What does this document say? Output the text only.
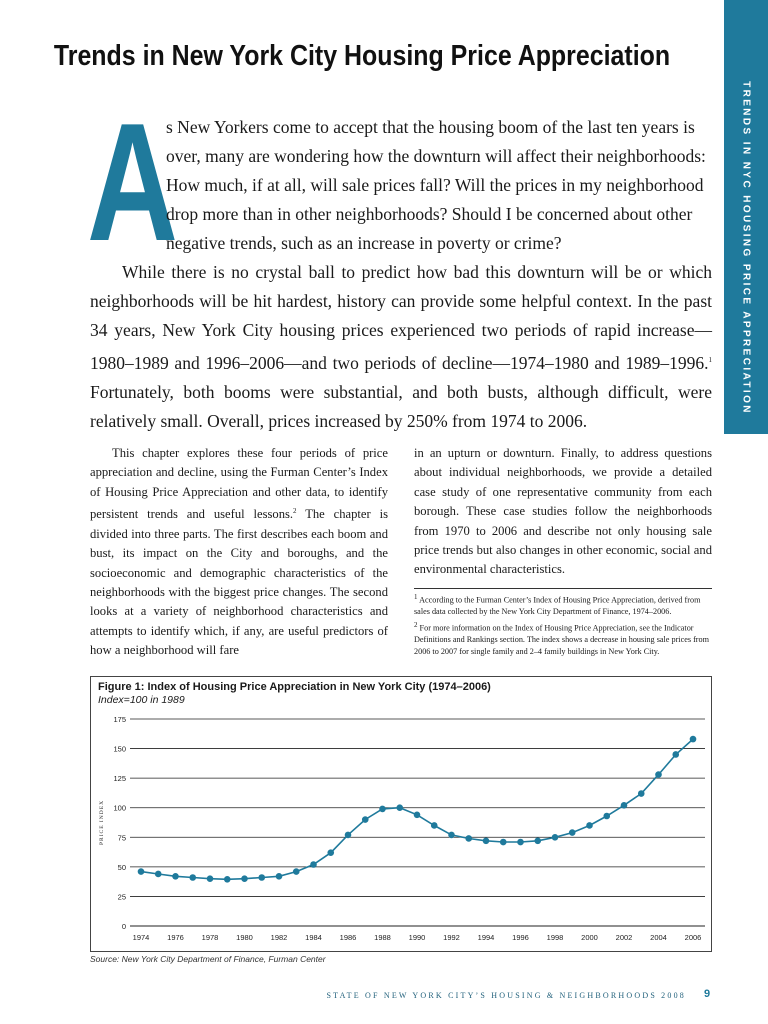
TRENDS IN NYC HOUSING PRICE APPRECIATION
Trends in New York City Housing Price Appreciation
A
s New Yorkers come to accept that the housing boom of the last ten years is
over, many are wondering how the downturn will affect their neighborhoods:
How much, if at all, will sale prices fall? Will the prices in my neighborhood
drop more than in other neighborhoods? Should I be concerned about other
negative trends, such as an increase in poverty or crime?

While there is no crystal ball to predict how bad this downturn will be or which neighborhoods will be hit hardest, history can provide some helpful context. In the past 34 years, New York City housing prices experienced two periods of rapid increase—1980–1989 and 1996–2006—and two periods of decline—1974–1980 and 1989–1996.$^1$ Fortunately, both booms were substantial, and both busts, although difficult, were relatively small. Overall, prices increased by 250% from 1974 to 2006.

This chapter explores these four periods of price appreciation and decline, using the Furman Center’s Index of Housing Price Appreciation and other data, to identify persistent trends and useful lessons.$^2$ The chapter is divided into three parts. The first describes each boom and bust, its impact on the City and boroughs, and the socioeconomic and demographic characteristics of the neighborhoods with the biggest price changes. The second looks at a variety of neighborhood characteristics and attempts to identify which, if any, are useful predictors of how a neighborhood will fare

in an upturn or downturn. Finally, to address questions about individual neighborhoods, we provide a detailed case study of one representative community from each borough. These case studies follow the neighborhoods from 1970 to 2006 and describe not only housing sale price trends but also changes in other economic, social and environmental characteristics.

$^1$ According to the Furman Center’s Index of Housing Price Appreciation, derived from sales data collected by the New York City Department of Finance, 1974–2006.

$^2$ For more information on the Index of Housing Price Appreciation, see the Indicator Definitions and Rankings section. The index shows a decrease in housing sale prices from 2006 to 2007 for single family and 2–4 family buildings in New York City.

Figure 1: Index of Housing Price Appreciation in New York City (1974–2006)
Index=100 in 1989
0
25
50
75
100
125
150
175
1974 1976 1978 1980 1982 1984 1986 1988 1990 1992 1994 1996 1998 2000 2002 2004 2006
PRICE INDEX
Source: New York City Department of Finance, Furman Center
STATE OF NEW YORK CITY’S HOUSING & NEIGHBORHOODS 2008 9
